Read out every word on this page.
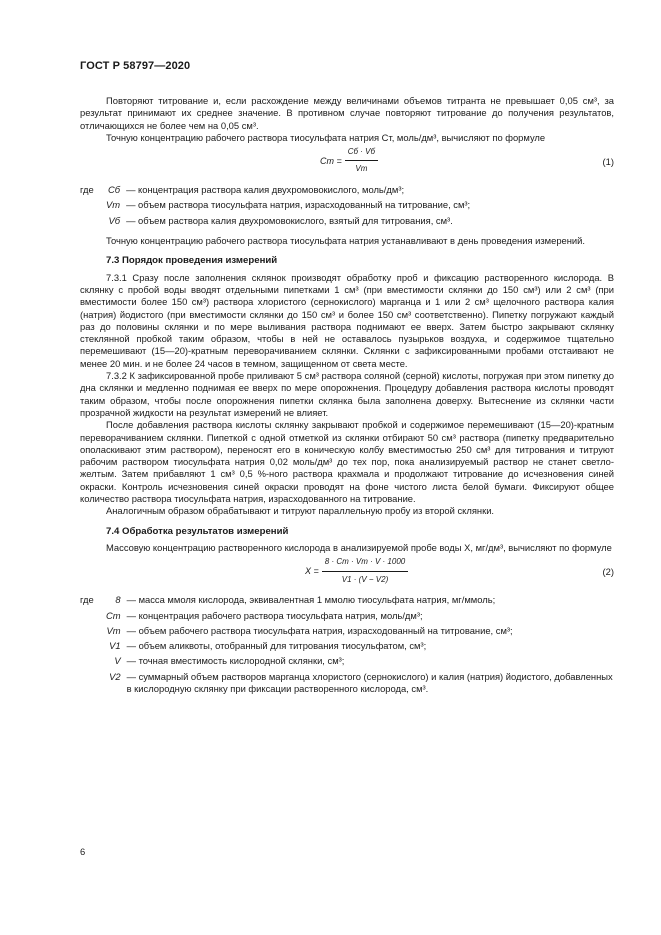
ГОСТ Р 58797—2020

Повторяют титрование и, если расхождение между величинами объемов титранта не превышает 0,05 см³, за результат принимают их среднее значение. В противном случае повторяют титрование до получения результатов, отличающихся не более чем на 0,05 см³.

Точную концентрацию рабочего раствора тиосульфата натрия Cт, моль/дм³, вычисляют по формуле

Cт = $\frac{Cб \cdot Vб}{Vт}$	(1)
где	Cб — концентрация раствора калия двухромовокислого, моль/дм³;
Vт — объем раствора тиосульфата натрия, израсходованный на титрование, см³;
Vб — объем раствора калия двухромовокислого, взятый для титрования, см³.

Точную концентрацию рабочего раствора тиосульфата натрия устанавливают в день проведения измерений.

7.3 Порядок проведения измерений

7.3.1 Сразу после заполнения склянок производят обработку проб и фиксацию растворенного кислорода. В склянку с пробой воды вводят отдельными пипетками 1 см³ (при вместимости склянки до 150 см³) или 2 см³ (при вместимости более 150 см³) раствора хлористого (сернокислого) марганца и 1 или 2 см³ щелочного раствора калия (натрия) йодистого (при вместимости склянки до 150 см³ и более 150 см³ соответственно). Пипетку погружают каждый раз до половины склянки и по мере выливания раствора поднимают ее вверх. Затем быстро закрывают склянку стеклянной пробкой таким образом, чтобы в ней не оставалось пузырьков воздуха, и содержимое тщательно перемешивают (15—20)-кратным переворачиванием склянки. Склянки с зафиксированными пробами отстаивают не менее 20 мин. и не более 24 часов в темном, защищенном от света месте.

7.3.2 К зафиксированной пробе приливают 5 см³ раствора соляной (серной) кислоты, погружая при этом пипетку до дна склянки и медленно поднимая ее вверх по мере опорожнения. Процедуру добавления раствора кислоты проводят таким образом, чтобы после опорожнения пипетки склянка была заполнена доверху. Вытеснение из склянки части прозрачной жидкости на результат измерений не влияет.

После добавления раствора кислоты склянку закрывают пробкой и содержимое перемешивают (15—20)-кратным переворачиванием склянки. Пипеткой с одной отметкой из склянки отбирают 50 см³ раствора (пипетку предварительно ополаскивают этим раствором), переносят его в коническую колбу вместимостью 250 см³ для титрования и титруют рабочим раствором тиосульфата натрия 0,02 моль/дм³ до тех пор, пока анализируемый раствор не станет светло-желтым. Затем прибавляют 1 см³ 0,5 %-ного раствора крахмала и продолжают титрование до исчезновения синей окраски. Контроль исчезновения синей окраски проводят на фоне чистого листа белой бумаги. Фиксируют общее количество раствора тиосульфата натрия, израсходованного на титрование.

Аналогичным образом обрабатывают и титруют параллельную пробу из второй склянки.

7.4 Обработка результатов измерений

Массовую концентрацию растворенного кислорода в анализируемой пробе воды X, мг/дм³, вычисляют по формуле

$X = \frac{8 \cdot Cт \cdot Vт \cdot V \cdot 1000}{V1 \cdot (V - V2)}$	(2)
где	8 — масса ммоля кислорода, эквивалентная 1 ммолю тиосульфата натрия, мг/ммоль;
Cт — концентрация рабочего раствора тиосульфата натрия, моль/дм³;
Vт — объем рабочего раствора тиосульфата натрия, израсходованный на титрование, см³;
V1 — объем аликвоты, отобранный для титрования тиосульфатом, см³;
V — точная вместимость кислородной склянки, см³;
V2 — суммарный объем растворов марганца хлористого (сернокислого) и калия (натрия) йодистого, добавленных в кислородную склянку при фиксации растворенного кислорода, см³.
6
